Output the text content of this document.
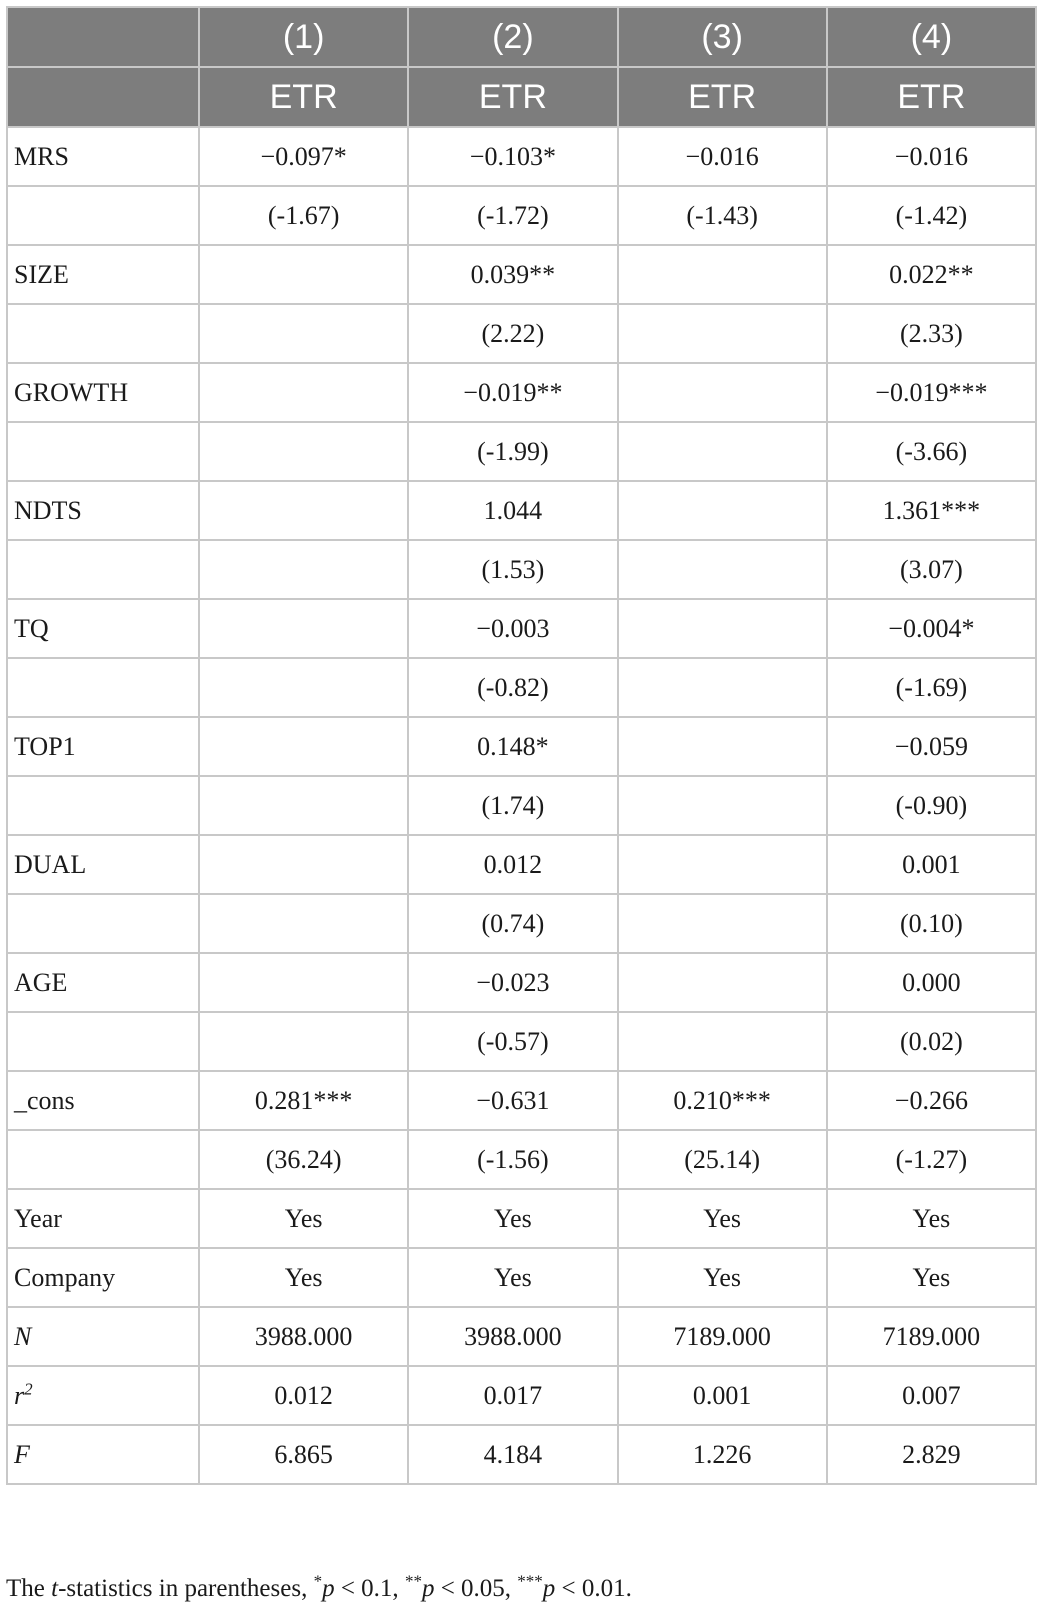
	(1)	(2)	(3)	(4)
	ETR	ETR	ETR	ETR
MRS	−0.097*	−0.103*	−0.016	−0.016
	(-1.67)	(-1.72)	(-1.43)	(-1.42)
SIZE		0.039**		0.022**
		(2.22)		(2.33)
GROWTH		−0.019**		−0.019***
		(-1.99)		(-3.66)
NDTS		1.044		1.361***
		(1.53)		(3.07)
TQ		−0.003		−0.004*
		(-0.82)		(-1.69)
TOP1		0.148*		−0.059
		(1.74)		(-0.90)
DUAL		0.012		0.001
		(0.74)		(0.10)
AGE		−0.023		0.000
		(-0.57)		(0.02)
_cons	0.281***	−0.631	0.210***	−0.266
	(36.24)	(-1.56)	(25.14)	(-1.27)
Year	Yes	Yes	Yes	Yes
Company	Yes	Yes	Yes	Yes
N	3988.000	3988.000	7189.000	7189.000
$r^2$	0.012	0.017	0.001	0.007
F	6.865	4.184	1.226	2.829
The t-statistics in parentheses, *p < 0.1, **p < 0.05, ***p < 0.01.
